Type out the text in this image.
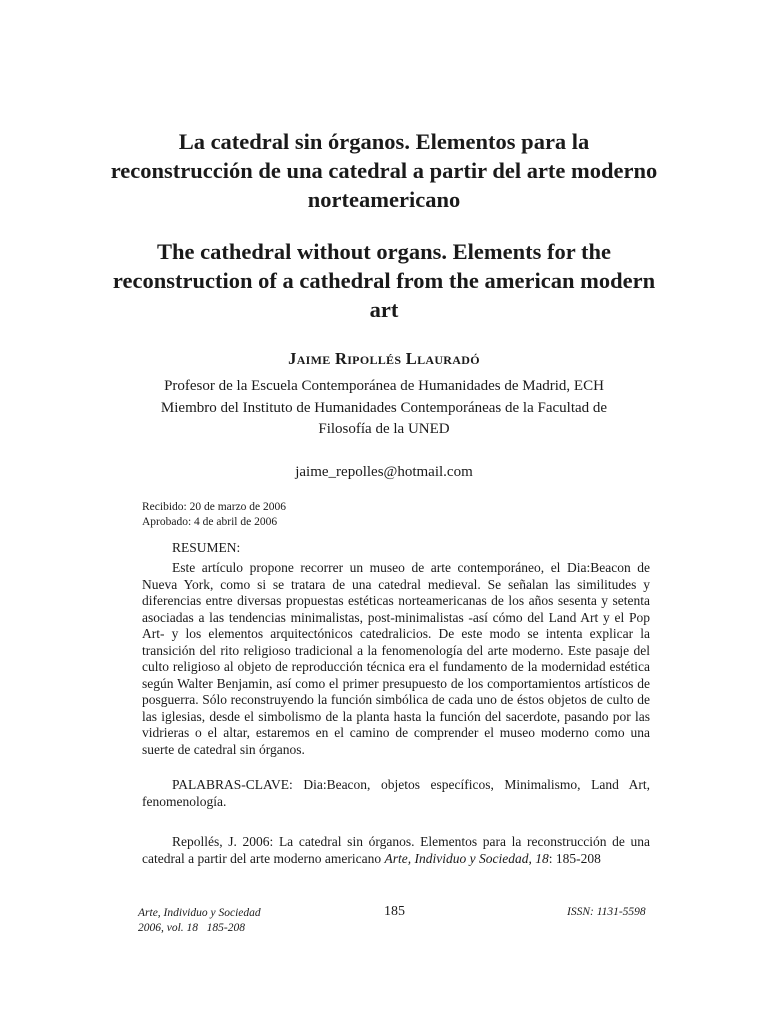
La catedral sin órganos. Elementos para la reconstrucción de una catedral a partir del arte moderno norteamericano
The cathedral without organs. Elements for the reconstruction of a cathedral from the american modern art
Jaime Ripollés Llauradó
Profesor de la Escuela Contemporánea de Humanidades de Madrid, ECH
Miembro del Instituto de Humanidades Contemporáneas de la Facultad de Filosofía de la UNED
jaime_repolles@hotmail.com
Recibido: 20 de marzo de 2006
Aprobado: 4 de abril de 2006
RESUMEN:

Este artículo propone recorrer un museo de arte contemporáneo, el Dia:Beacon de Nueva York, como si se tratara de una catedral medieval. Se señalan las similitudes y diferencias entre diversas propuestas estéticas norteamericanas de los años sesenta y setenta asociadas a las tendencias minimalistas, post-minimalistas -así cómo del Land Art y el Pop Art- y los elementos arquitectónicos catedralicios. De este modo se intenta explicar la transición del rito religioso tradicional a la fenomenología del arte moderno. Este pasaje del culto religioso al objeto de reproducción técnica era el fundamento de la modernidad estética según Walter Benjamin, así como el primer presupuesto de los comportamientos artísticos de posguerra. Sólo reconstruyendo la función simbólica de cada uno de éstos objetos de culto de las iglesias, desde el simbolismo de la planta hasta la función del sacerdote, pasando por las vidrieras o el altar, estaremos en el camino de comprender el museo moderno como una suerte de catedral sin órganos.

PALABRAS-CLAVE: Dia:Beacon, objetos específicos, Minimalismo, Land Art, fenomenología.

Repollés, J. 2006: La catedral sin órganos. Elementos para la reconstrucción de una catedral a partir del arte moderno americano Arte, Individuo y Sociedad, 18: 185-208

Arte, Individuo y Sociedad
2006, vol. 18   185-208
185	ISSN: 1131-5598
